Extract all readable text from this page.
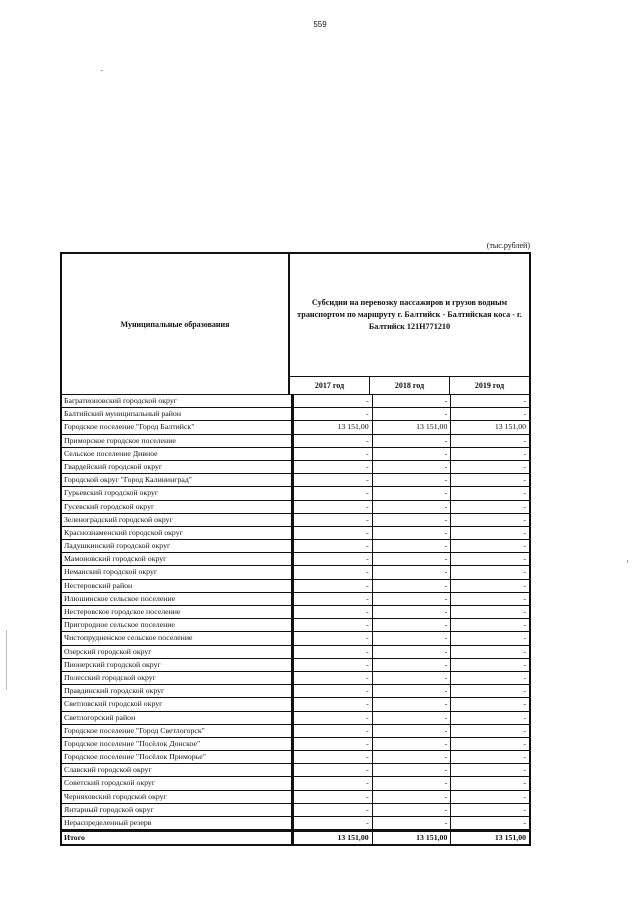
559
(тыс.рублей)
Муниципальные образования
Субсидии на перевозку пассажиров и грузов водным транспортом по маршруту г. Балтийск - Балтийская коса - г. Балтийск 121Н771210
2017 год	2018 год	2019 год
Багратионовский городской округ	-	-	-
Балтийский муниципальный район	-	-	-
Городское поселение "Город Балтийск"	13 151,00	13 151,00	13 151,00
Приморское городское поселение	-	-	-
Сельское поселение Дивное	-	-	-
Гвардейский городской округ	-	-	-
Городской округ "Город Калининград"	-	-	-
Гурьевский городской округ	-	-	-
Гусевский городской округ	-	-	-
Зеленоградский городской округ	-	-	-
Краснознаменский городской округ	-	-	-
Ладушкинский городской округ	-	-	-
Мамоновский городской округ	-	-	-
Неманский городской округ	-	-	-
Нестеровский район	-	-	-
Илюшинское сельское поселение	-	-	-
Нестеровское городское поселение	-	-	-
Пригородное сельское поселение	-	-	-
Чистопрудненское сельское поселение	-	-	-
Озерский городской округ	-	-	-
Пионерский городской округ	-	-	-
Полесский городской округ	-	-	-
Правдинский городской округ	-	-	-
Светловский городской округ	-	-	-
Светлогорский район	-	-	-
Городское поселение "Город Светлогорск"	-	-	-
Городское поселение "Посёлок Донское"	-	-	-
Городское поселение "Посёлок Приморье"	-	-	-
Славский городской округ	-	-	-
Советский городской округ	-	-	-
Черняховский городской округ	-	-	-
Янтарный городской округ	-	-	-
Нераспределенный резерв	-	-	-
Итого	13 151,00	13 151,00	13 151,00
